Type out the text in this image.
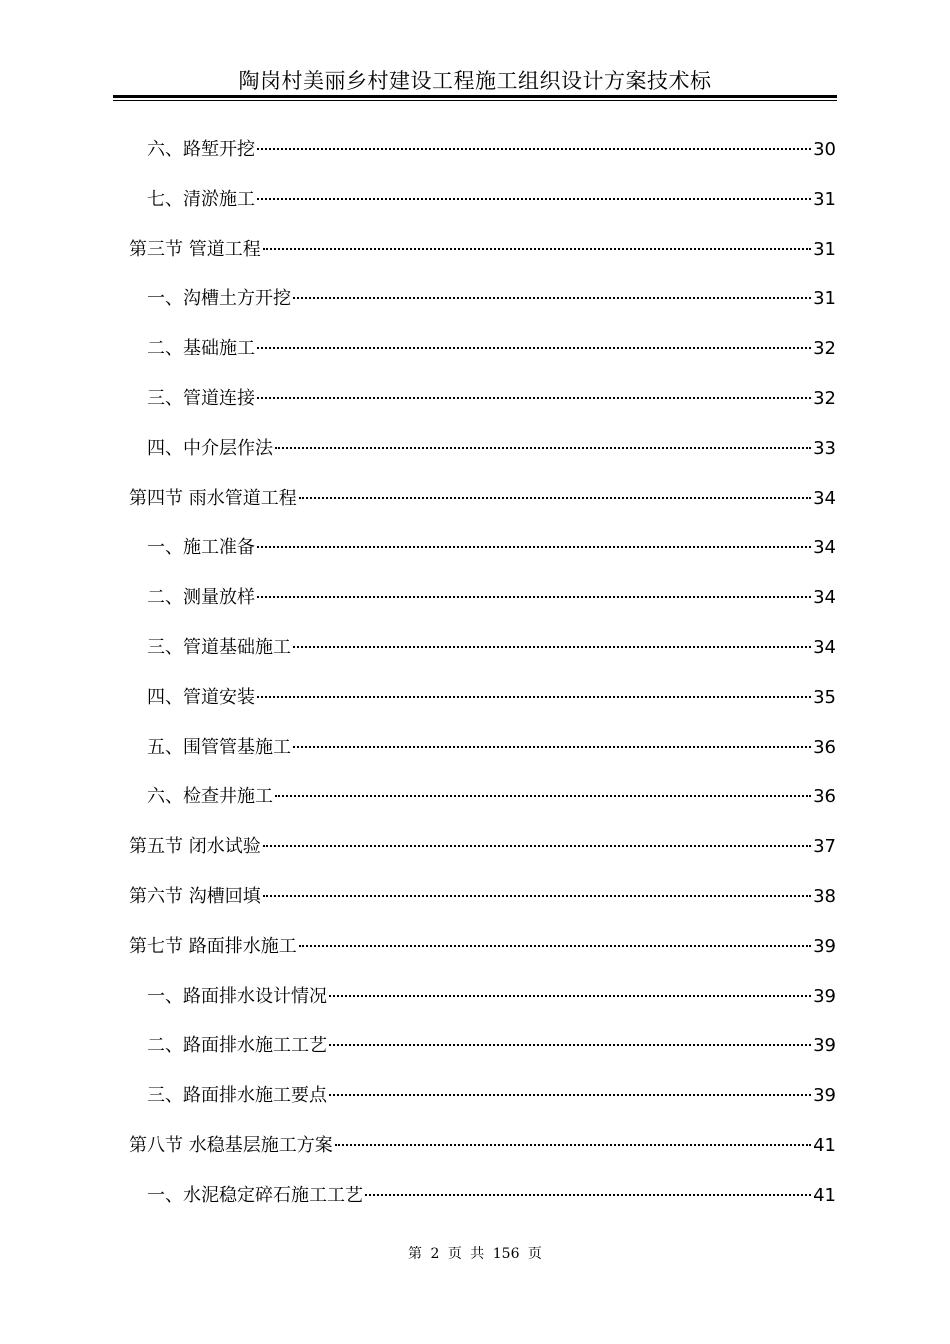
陶岗村美丽乡村建设工程施工组织设计方案技术标
六、路堑开挖	30
七、清淤施工	31
第三节 管道工程	31
一、沟槽土方开挖	31
二、基础施工	32
三、管道连接	32
四、中介层作法	33
第四节 雨水管道工程	34
一、施工准备	34
二、测量放样	34
三、管道基础施工	34
四、管道安装	35
五、围管管基施工	36
六、检查井施工	36
第五节 闭水试验	37
第六节 沟槽回填	38
第七节 路面排水施工	39
一、路面排水设计情况	39
二、路面排水施工工艺	39
三、路面排水施工要点	39
第八节 水稳基层施工方案	41
一、水泥稳定碎石施工工艺	41
第 2 页 共 156 页
